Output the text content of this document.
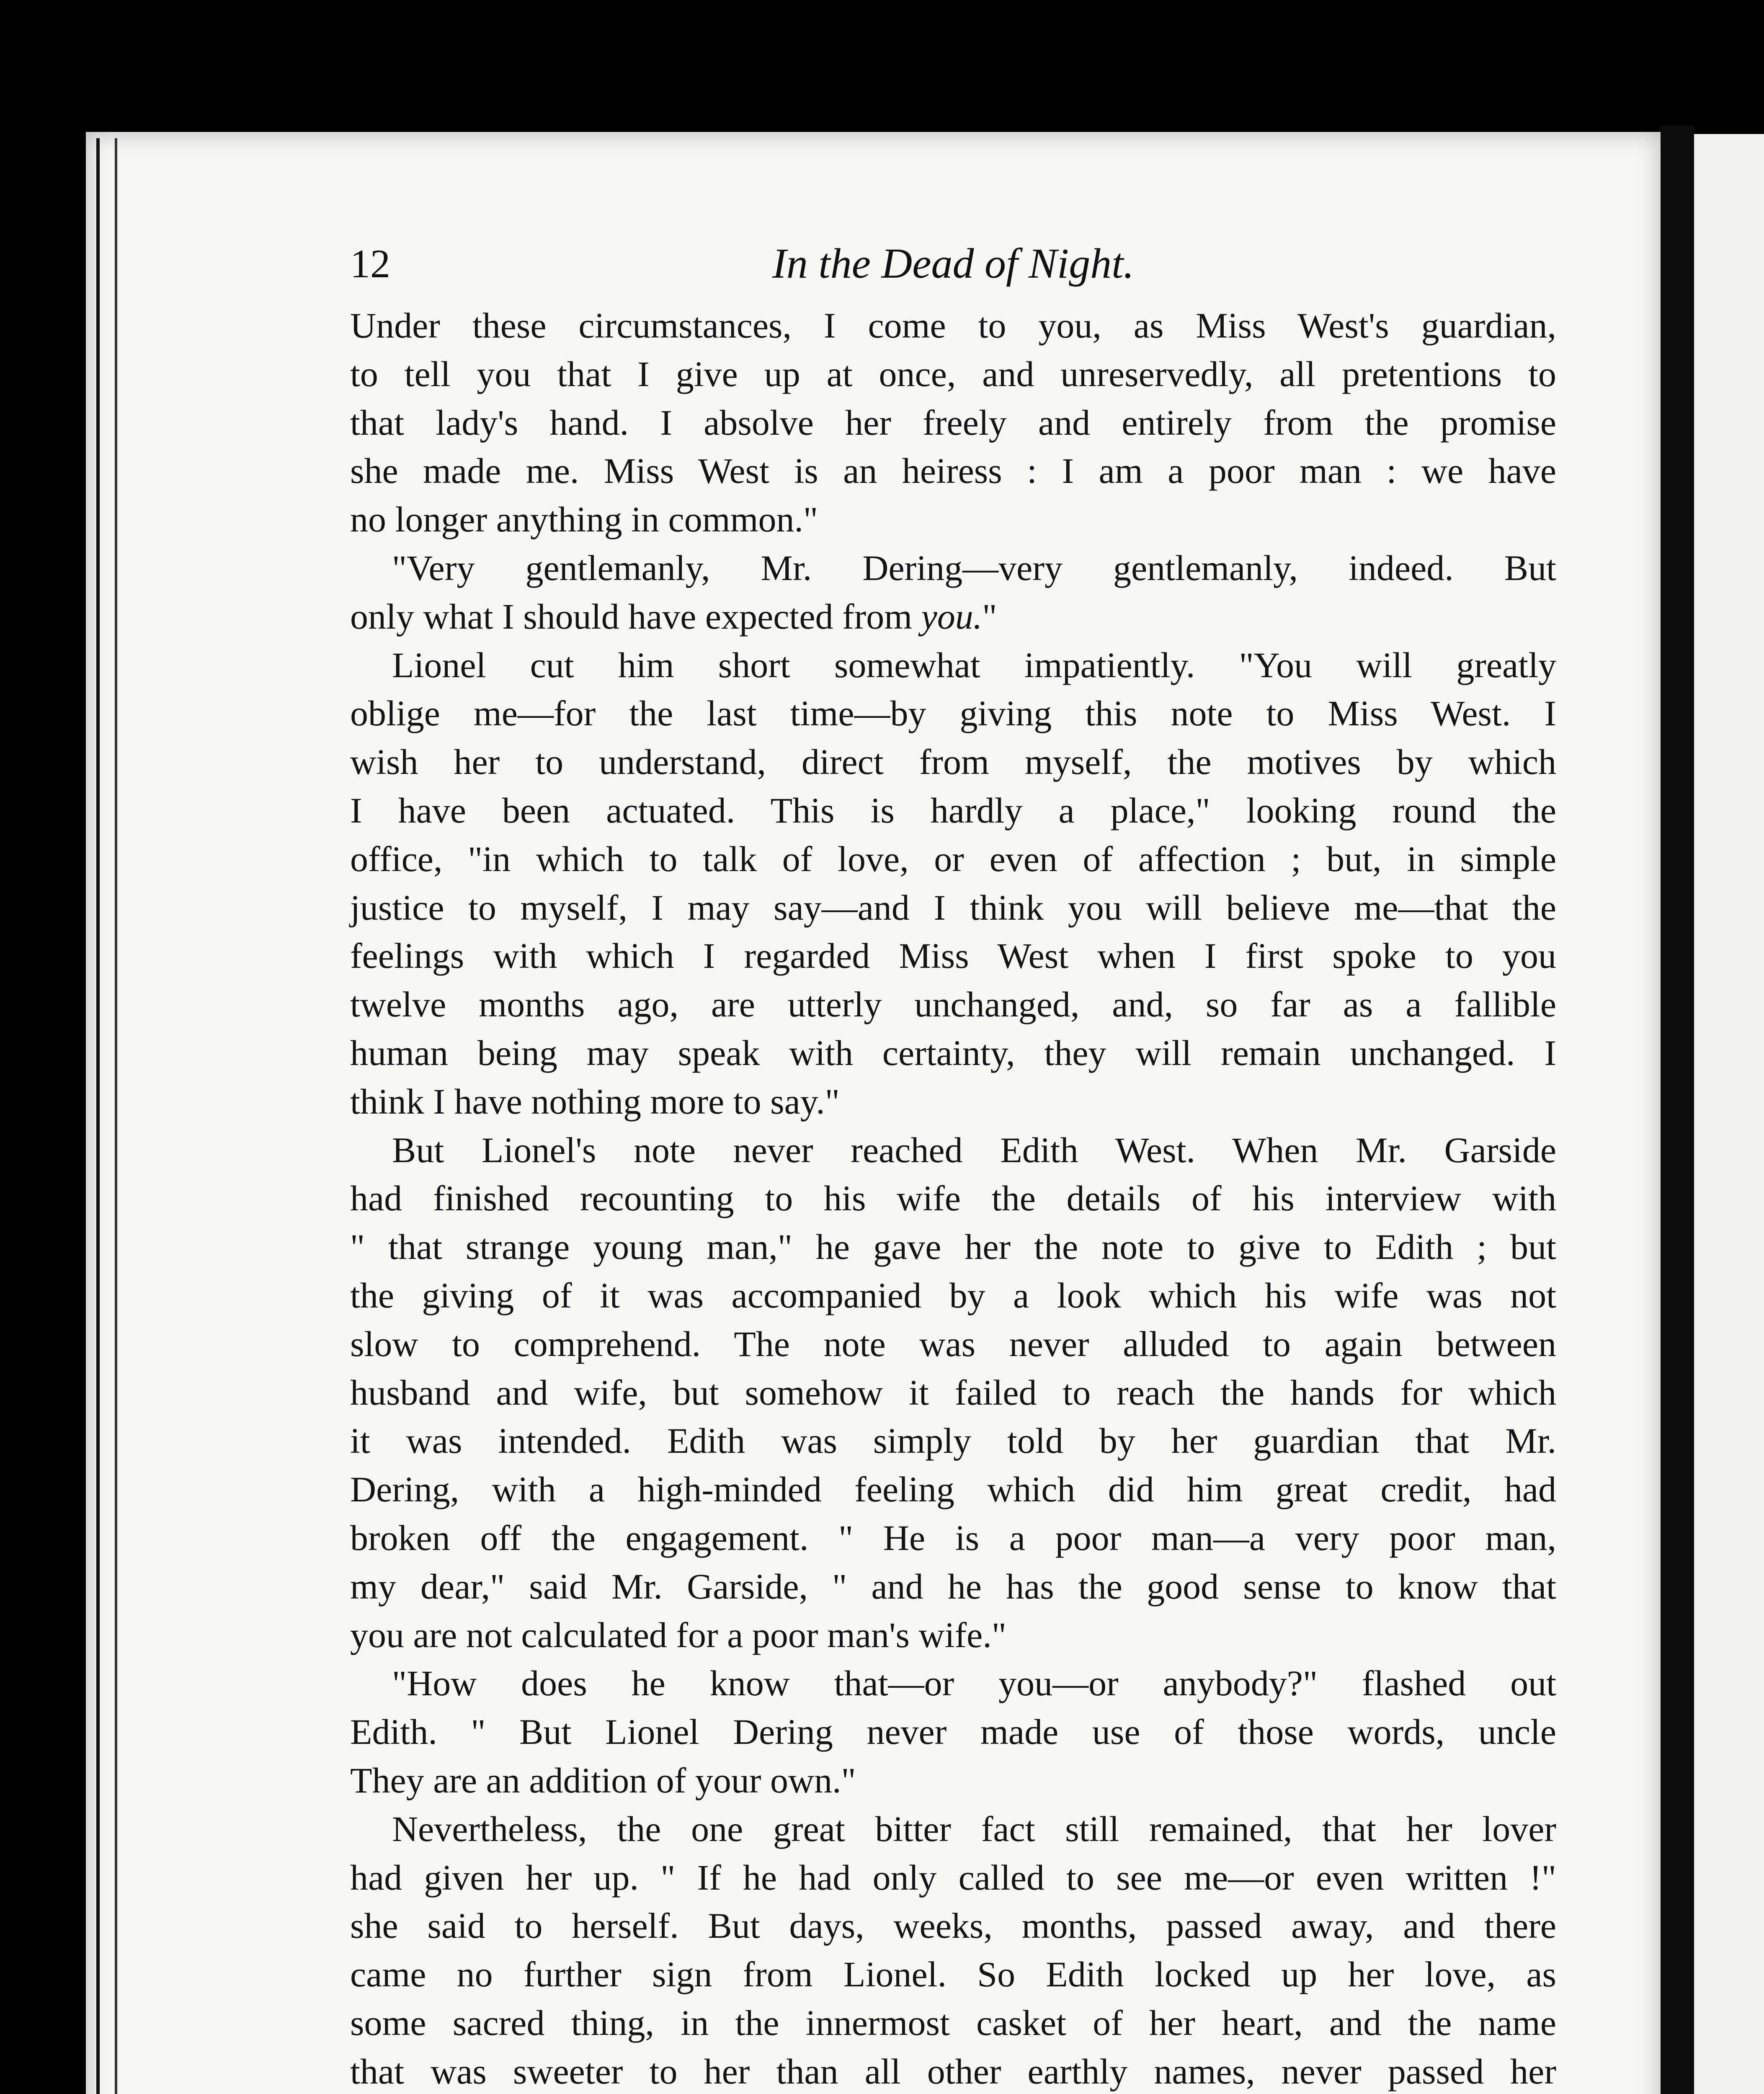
12	In the Dead of Night.
Under these circumstances, I come to you, as Miss West's guardian,
to tell you that I give up at once, and unreservedly, all pretentions to
that lady's hand. I absolve her freely and entirely from the promise
she made me. Miss West is an heiress : I am a poor man : we have
no longer anything in common."
"Very gentlemanly, Mr. Dering—very gentlemanly, indeed. But
only what I should have expected from you."
Lionel cut him short somewhat impatiently. "You will greatly
oblige me—for the last time—by giving this note to Miss West. I
wish her to understand, direct from myself, the motives by which
I have been actuated. This is hardly a place," looking round the
office, "in which to talk of love, or even of affection ; but, in simple
justice to myself, I may say—and I think you will believe me—that the
feelings with which I regarded Miss West when I first spoke to you
twelve months ago, are utterly unchanged, and, so far as a fallible
human being may speak with certainty, they will remain unchanged. I
think I have nothing more to say."
But Lionel's note never reached Edith West. When Mr. Garside
had finished recounting to his wife the details of his interview with
" that strange young man," he gave her the note to give to Edith ; but
the giving of it was accompanied by a look which his wife was not
slow to comprehend. The note was never alluded to again between
husband and wife, but somehow it failed to reach the hands for which
it was intended. Edith was simply told by her guardian that Mr.
Dering, with a high-minded feeling which did him great credit, had
broken off the engagement. " He is a poor man—a very poor man,
my dear," said Mr. Garside, " and he has the good sense to know that
you are not calculated for a poor man's wife."
"How does he know that—or you—or anybody?" flashed out
Edith. " But Lionel Dering never made use of those words, uncle
They are an addition of your own."
Nevertheless, the one great bitter fact still remained, that her lover
had given her up. " If he had only called to see me—or even written !"
she said to herself. But days, weeks, months, passed away, and there
came no further sign from Lionel. So Edith locked up her love, as
some sacred thing, in the innermost casket of her heart, and the name
that was sweeter to her than all other earthly names, never passed her
